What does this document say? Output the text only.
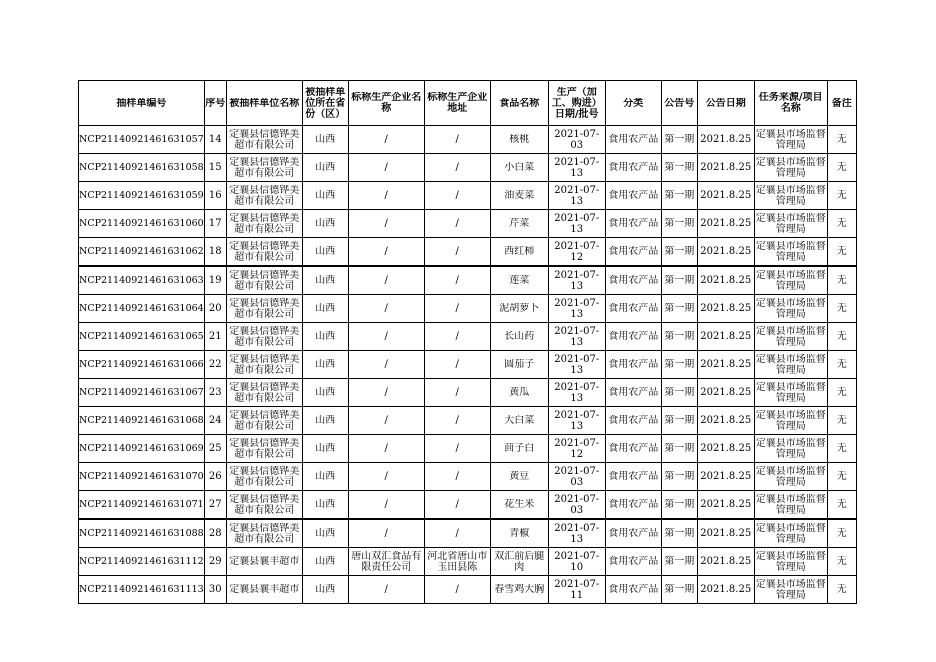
抽样单编号	序号	被抽样单位名称	被抽样单位所在省份（区）	标称生产企业名称	标称生产企业地址	食品名称	生产（加工、购进）日期/批号	分类	公告号	公告日期	任务来源/项目名称	备注

NCP21140921461631057	14	定襄县信德铧美超市有限公司	山西	/	/	核桃	2021-07-03	食用农产品	第一期	2021.8.25	定襄县市场监督管理局	无

NCP21140921461631058	15	定襄县信德铧美超市有限公司	山西	/	/	小白菜	2021-07-13	食用农产品	第一期	2021.8.25	定襄县市场监督管理局	无

NCP21140921461631059	16	定襄县信德铧美超市有限公司	山西	/	/	油麦菜	2021-07-13	食用农产品	第一期	2021.8.25	定襄县市场监督管理局	无

NCP21140921461631060	17	定襄县信德铧美超市有限公司	山西	/	/	芹菜	2021-07-13	食用农产品	第一期	2021.8.25	定襄县市场监督管理局	无

NCP21140921461631062	18	定襄县信德铧美超市有限公司	山西	/	/	西红柿	2021-07-12	食用农产品	第一期	2021.8.25	定襄县市场监督管理局	无

NCP21140921461631063	19	定襄县信德铧美超市有限公司	山西	/	/	莲菜	2021-07-13	食用农产品	第一期	2021.8.25	定襄县市场监督管理局	无

NCP21140921461631064	20	定襄县信德铧美超市有限公司	山西	/	/	泥胡萝卜	2021-07-13	食用农产品	第一期	2021.8.25	定襄县市场监督管理局	无

NCP21140921461631065	21	定襄县信德铧美超市有限公司	山西	/	/	长山药	2021-07-13	食用农产品	第一期	2021.8.25	定襄县市场监督管理局	无

NCP21140921461631066	22	定襄县信德铧美超市有限公司	山西	/	/	圆茄子	2021-07-13	食用农产品	第一期	2021.8.25	定襄县市场监督管理局	无

NCP21140921461631067	23	定襄县信德铧美超市有限公司	山西	/	/	黄瓜	2021-07-13	食用农产品	第一期	2021.8.25	定襄县市场监督管理局	无

NCP21140921461631068	24	定襄县信德铧美超市有限公司	山西	/	/	大白菜	2021-07-13	食用农产品	第一期	2021.8.25	定襄县市场监督管理局	无

NCP21140921461631069	25	定襄县信德铧美超市有限公司	山西	/	/	茴子白	2021-07-12	食用农产品	第一期	2021.8.25	定襄县市场监督管理局	无

NCP21140921461631070	26	定襄县信德铧美超市有限公司	山西	/	/	黄豆	2021-07-03	食用农产品	第一期	2021.8.25	定襄县市场监督管理局	无

NCP21140921461631071	27	定襄县信德铧美超市有限公司	山西	/	/	花生米	2021-07-03	食用农产品	第一期	2021.8.25	定襄县市场监督管理局	无

NCP21140921461631088	28	定襄县信德铧美超市有限公司	山西	/	/	青椒	2021-07-13	食用农产品	第一期	2021.8.25	定襄县市场监督管理局	无

NCP21140921461631112	29	定襄县襄丰超市	山西	唐山双汇食品有限责任公司	河北省唐山市玉田县陈	双汇前后腿肉	2021-07-10	食用农产品	第一期	2021.8.25	定襄县市场监督管理局	无

NCP21140921461631113	30	定襄县襄丰超市	山西	/	/	春雪鸡大胸	2021-07-11	食用农产品	第一期	2021.8.25	定襄县市场监督管理局	无
